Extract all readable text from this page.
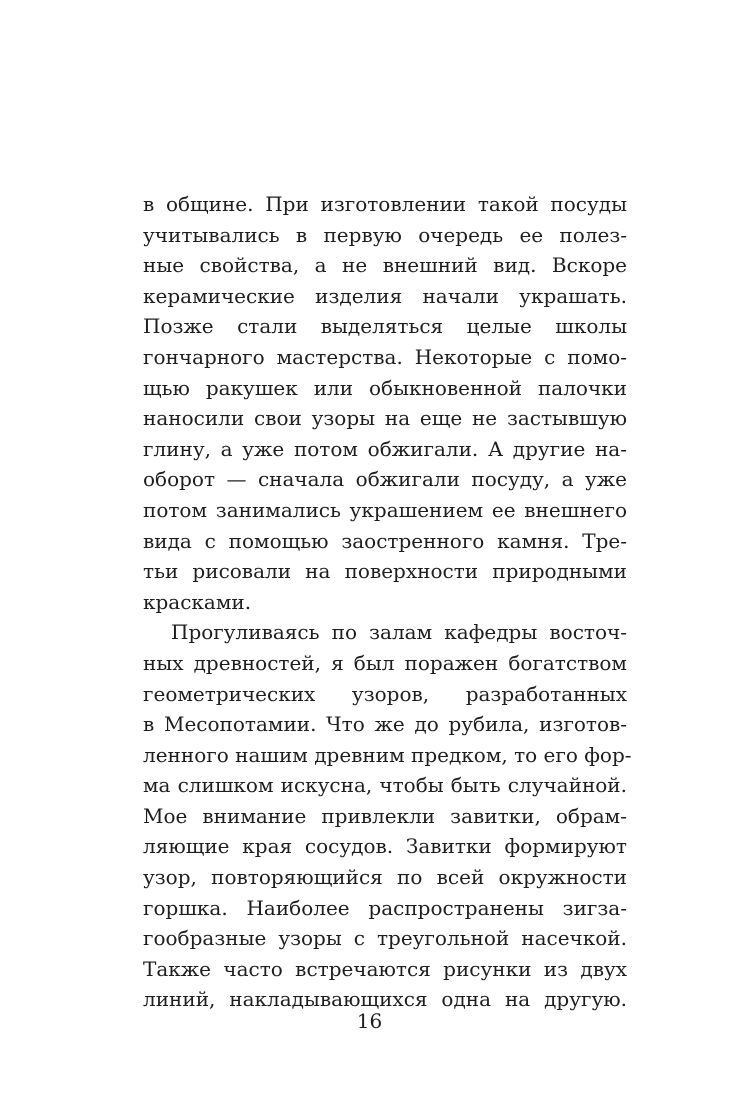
в общине. При изготовлении такой посуды
учитывались в первую очередь ее полез-
ные свойства, а не внешний вид. Вскоре
керамические изделия начали украшать.
Позже стали выделяться целые школы
гончарного мастерства. Некоторые с помо-
щью ракушек или обыкновенной палочки
наносили свои узоры на еще не застывшую
глину, а уже потом обжигали. А другие на-
оборот — сначала обжигали посуду, а уже
потом занимались украшением ее внешнего
вида с помощью заостренного камня. Тре-
тьи рисовали на поверхности природными
красками.

Прогуливаясь по залам кафедры восточ-
ных древностей, я был поражен богатством
геометрических узоров, разработанных
в Месопотамии. Что же до рубила, изготов-
ленного нашим древним предком, то его фор-
ма слишком искусна, чтобы быть случайной.
Мое внимание привлекли завитки, обрам-
ляющие края сосудов. Завитки формируют
узор, повторяющийся по всей окружности
горшка. Наиболее распространены зигза-
гообразные узоры с треугольной насечкой.
Также часто встречаются рисунки из двух
линий, накладывающихся одна на другую.

16
